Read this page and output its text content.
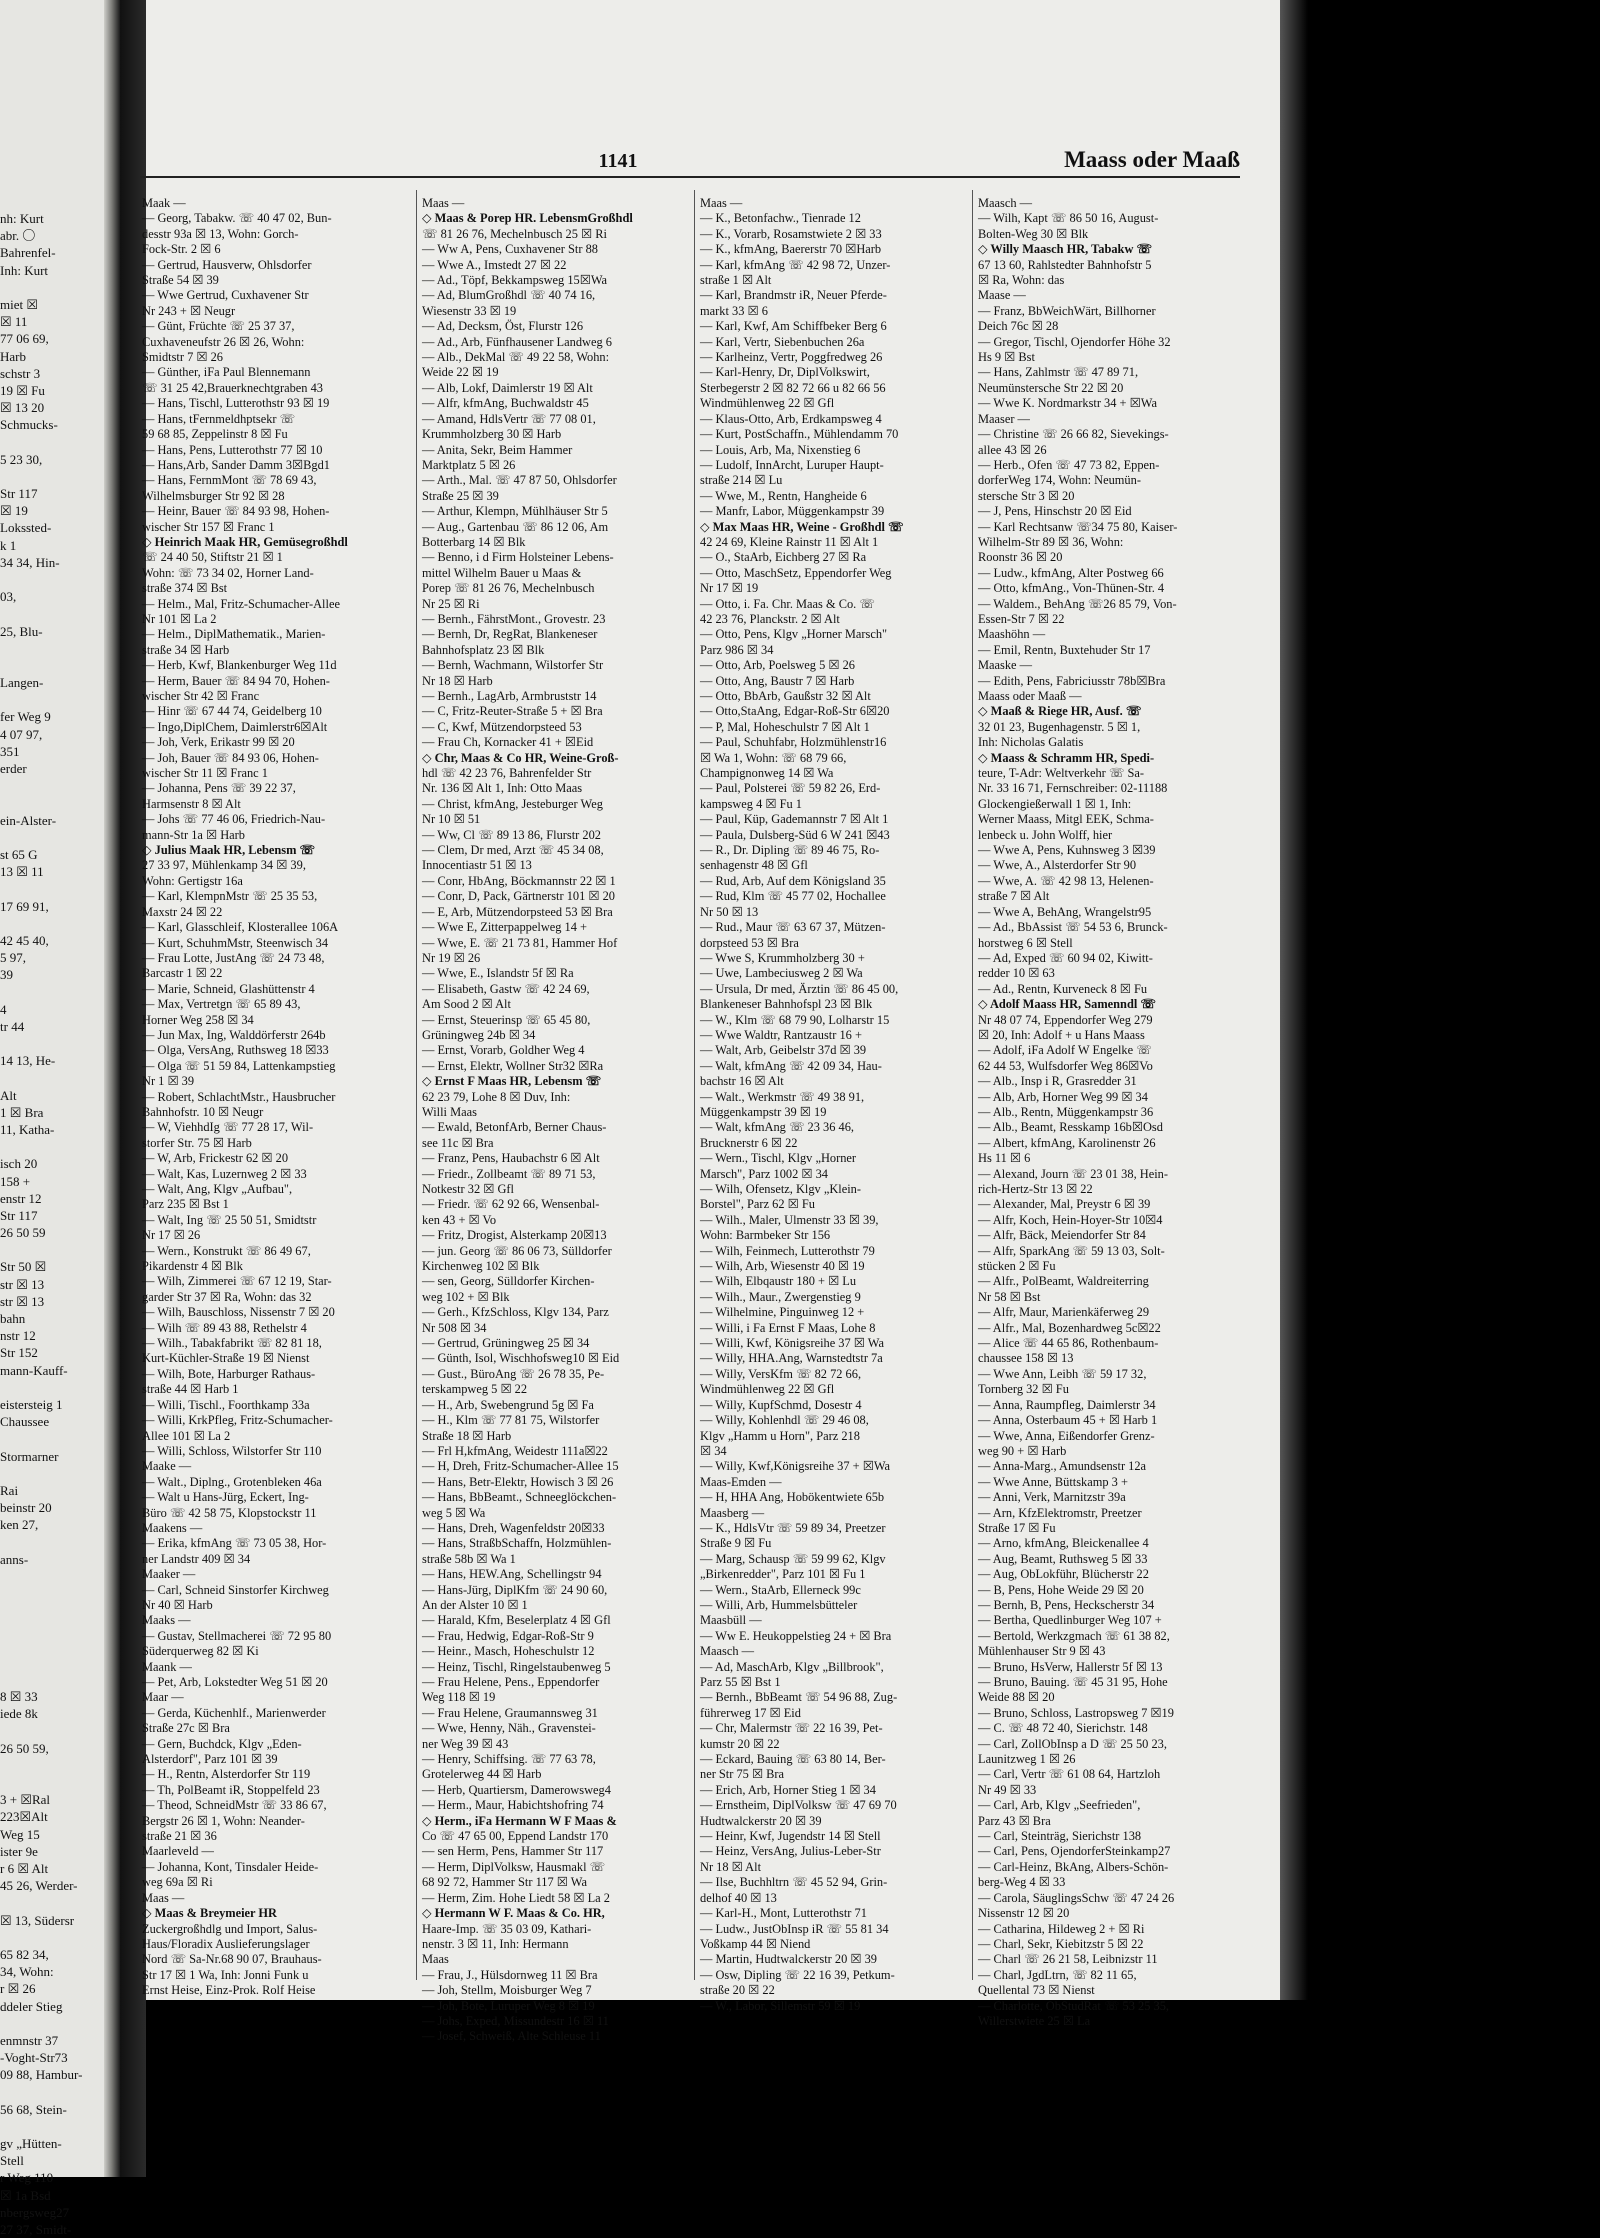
nh: Kurt
abr. 〇
Bahrenfel-
Inh: Kurt
miet ☒
☒ 11
77 06 69,
Harb
schstr 3
19 ☒ Fu
☒ 13 20
Schmucks-
5 23 30,
Str 117
☒ 19
Lokssted-
k 1
34 34, Hin-
03,
25, Blu-
Langen-
fer Weg 9
4 07 97,
351
erder
ein-Alster-
st 65 G
13 ☒ 11
17 69 91,
42 45 40,
5 97,
39
4
tr 44
14 13, He-
Alt
1 ☒ Bra
11, Katha-
isch 20
158 +
enstr 12
Str 117
26 50 59
Str 50 ☒
str ☒ 13
str ☒ 13
bahn
nstr 12
Str 152
mann-Kauff-
eistersteig 1
Chaussee
Stormarner
Rai
beinstr 20
ken 27,
anns-
8 ☒ 33
iede 8k
26 50 59,
3 + ☒Ral
223☒Alt
Weg 15
ister 9e
r 6 ☒ Alt
45 26, Werder-
☒ 13, Südersr
65 82 34,
34, Wohn:
r ☒ 26
ddeler Stieg
enmnstr 37
-Voght-Str73
09 88, Hambur-
56 68, Stein-
gv „Hütten-
Stell
r Weg 110
☒ 1a Bsd
nbergsweg27
27 37, Smidt-
1141	Maass oder Maaß
Maak —
— Georg, Tabakw. ☏ 40 47 02, Bun-
desstr 93a ☒ 13, Wohn: Gorch-
Fock-Str. 2 ☒ 6
— Gertrud, Hausverw, Ohlsdorfer
Straße 54 ☒ 39
— Wwe Gertrud, Cuxhavener Str
Nr 243 + ☒ Neugr
— Günt, Früchte ☏ 25 37 37,
Cuxhaveneufstr 26 ☒ 26, Wohn:
Smidtstr 7 ☒ 26
— Günther, iFa Paul Blennemann
☏ 31 25 42,Brauerknechtgraben 43
— Hans, Tischl, Lutterothstr 93 ☒ 19
— Hans, tFernmeldhptsekr ☏
59 68 85, Zeppelinstr 8 ☒ Fu
— Hans, Pens, Lutterothstr 77 ☒ 10
— Hans,Arb, Sander Damm 3☒Bgd1
— Hans, FernmMont ☏ 78 69 43,
Wilhelmsburger Str 92 ☒ 28
— Heinr, Bauer ☏ 84 93 98, Hohen-
wischer Str 157 ☒ Franc 1
◇ Heinrich Maak HR, Gemüsegroßhdl
☏ 24 40 50, Stiftstr 21 ☒ 1
Wohn: ☏ 73 34 02, Horner Land-
straße 374 ☒ Bst
— Helm., Mal, Fritz-Schumacher-Allee
Nr 101 ☒ La 2
— Helm., DiplMathematik., Marien-
straße 34 ☒ Harb
— Herb, Kwf, Blankenburger Weg 11d
— Herm, Bauer ☏ 84 94 70, Hohen-
wischer Str 42 ☒ Franc
— Hinr ☏ 67 44 74, Geidelberg 10
— Ingo,DiplChem, Daimlerstr6☒Alt
— Joh, Verk, Erikastr 99 ☒ 20
— Joh, Bauer ☏ 84 93 06, Hohen-
wischer Str 11 ☒ Franc 1
— Johanna, Pens ☏ 39 22 37,
Harmsenstr 8 ☒ Alt
— Johs ☏ 77 46 06, Friedrich-Nau-
mann-Str 1a ☒ Harb
◇ Julius Maak HR, Lebensm ☏
27 33 97, Mühlenkamp 34 ☒ 39,
Wohn: Gertigstr 16a
— Karl, KlempnMstr ☏ 25 35 53,
Maxstr 24 ☒ 22
— Karl, Glasschleif, Klosterallee 106A
— Kurt, SchuhmMstr, Steenwisch 34
— Frau Lotte, JustAng ☏ 24 73 48,
Barcastr 1 ☒ 22
— Marie, Schneid, Glashüttenstr 4
— Max, Vertretgn ☏ 65 89 43,
Horner Weg 258 ☒ 34
— Jun Max, Ing, Walddörferstr 264b
— Olga, VersAng, Ruthsweg 18 ☒33
— Olga ☏ 51 59 84, Lattenkampstieg
Nr 1 ☒ 39
— Robert, SchlachtMstr., Hausbrucher
Bahnhofstr. 10 ☒ Neugr
— W, ViehhdIg ☏ 77 28 17, Wil-
storfer Str. 75 ☒ Harb
— W, Arb, Frickestr 62 ☒ 20
— Walt, Kas, Luzernweg 2 ☒ 33
— Walt, Ang, Klgv „Aufbau",
Parz 235 ☒ Bst 1
— Walt, Ing ☏ 25 50 51, Smidtstr
Nr 17 ☒ 26
— Wern., Konstrukt ☏ 86 49 67,
Pikardenstr 4 ☒ Blk
— Wilh, Zimmerei ☏ 67 12 19, Star-
garder Str 37 ☒ Ra, Wohn: das 32
— Wilh, Bauschloss, Nissenstr 7 ☒ 20
— Wilh ☏ 89 43 88, Rethelstr 4
— Wilh., Tabakfabrikt ☏ 82 81 18,
Kurt-Küchler-Straße 19 ☒ Nienst
— Wilh, Bote, Harburger Rathaus-
straße 44 ☒ Harb 1
— Willi, Tischl., Foorthkamp 33a
— Willi, KrkPfleg, Fritz-Schumacher-
Allee 101 ☒ La 2
— Willi, Schloss, Wilstorfer Str 110
Maake —
— Walt., Diplng., Grotenbleken 46a
— Walt u Hans-Jürg, Eckert, Ing-
Büro ☏ 42 58 75, Klopstockstr 11
Maakens —
— Erika, kfmAng ☏ 73 05 38, Hor-
ner Landstr 409 ☒ 34
Maaker —
— Carl, Schneid Sinstorfer Kirchweg
Nr 40 ☒ Harb
Maaks —
— Gustav, Stellmacherei ☏ 72 95 80
Süderquerweg 82 ☒ Ki
Maank —
— Pet, Arb, Lokstedter Weg 51 ☒ 20
Maar —
— Gerda, Küchenhlf., Marienwerder
Straße 27c ☒ Bra
— Gern, Buchdck, Klgv „Eden-
Alsterdorf", Parz 101 ☒ 39
— H., Rentn, Alsterdorfer Str 119
— Th, PolBeamt iR, Stoppelfeld 23
— Theod, SchneidMstr ☏ 33 86 67,
Bergstr 26 ☒ 1, Wohn: Neander-
straße 21 ☒ 36
Maarleveld —
— Johanna, Kont, Tinsdaler Heide-
weg 69a ☒ Ri
Maas —
◇ Maas & Breymeier HR
Zuckergroßhdlg und Import, Salus-
Haus/Floradix Auslieferungslager
Nord ☏ Sa-Nr.68 90 07, Brauhaus-
Str 17 ☒ 1 Wa, Inh: Jonni Funk u
Ernst Heise, Einz-Prok. Rolf Heise
Maas —
◇ Maas & Porep HR. LebensmGroßhdl
☏ 81 26 76, Mechelnbusch 25 ☒ Ri
— Ww A, Pens, Cuxhavener Str 88
— Wwe A., Imstedt 27 ☒ 22
— Ad., Töpf, Bekkampsweg 15☒Wa
— Ad, BlumGroßhdl ☏ 40 74 16,
Wiesenstr 33 ☒ 19
— Ad, Decksm, Öst, Flurstr 126
— Ad., Arb, Fünfhausener Landweg 6
— Alb., DekMal ☏ 49 22 58, Wohn:
Weide 22 ☒ 19
— Alb, Lokf, Daimlerstr 19 ☒ Alt
— Alfr, kfmAng, Buchwaldstr 45
— Amand, HdlsVertr ☏ 77 08 01,
Krummholzberg 30 ☒ Harb
— Anita, Sekr, Beim Hammer
Marktplatz 5 ☒ 26
— Arth., Mal. ☏ 47 87 50, Ohlsdorfer
Straße 25 ☒ 39
— Arthur, Klempn, Mühlhäuser Str 5
— Aug., Gartenbau ☏ 86 12 06, Am
Botterbarg 14 ☒ Blk
— Benno, i d Firm Holsteiner Lebens-
mittel Wilhelm Bauer u Maas &
Porep ☏ 81 26 76, Mechelnbusch
Nr 25 ☒ Ri
— Bernh., FährstMont., Grovestr. 23
— Bernh, Dr, RegRat, Blankeneser
Bahnhofsplatz 23 ☒ Blk
— Bernh, Wachmann, Wilstorfer Str
Nr 18 ☒ Harb
— Bernh., LagArb, Armbruststr 14
— C, Fritz-Reuter-Straße 5 + ☒ Bra
— C, Kwf, Mützendorpsteed 53
— Frau Ch, Kornacker 41 + ☒Eid
◇ Chr, Maas & Co HR, Weine-Groß-
hdl ☏ 42 23 76, Bahrenfelder Str
Nr. 136 ☒ Alt 1, Inh: Otto Maas
— Christ, kfmAng, Jesteburger Weg
Nr 10 ☒ 51
— Ww, Cl ☏ 89 13 86, Flurstr 202
— Clem, Dr med, Arzt ☏ 45 34 08,
Innocentiastr 51 ☒ 13
— Conr, HbAng, Böckmannstr 22 ☒ 1
— Conr, D, Pack, Gärtnerstr 101 ☒ 20
— E, Arb, Mützendorpsteed 53 ☒ Bra
— Wwe E, Zitterpappelweg 14 +
— Wwe, E. ☏ 21 73 81, Hammer Hof
Nr 19 ☒ 26
— Wwe, E., Islandstr 5f ☒ Ra
— Elisabeth, Gastw ☏ 42 24 69,
Am Sood 2 ☒ Alt
— Ernst, Steuerinsp ☏ 65 45 80,
Grüningweg 24b ☒ 34
— Ernst, Vorarb, Goldher Weg 4
— Ernst, Elektr, Wollner Str32 ☒Ra
◇ Ernst F Maas HR, Lebensm ☏
62 23 79, Lohe 8 ☒ Duv, Inh:
Willi Maas
— Ewald, BetonfArb, Berner Chaus-
see 11c ☒ Bra
— Franz, Pens, Haubachstr 6 ☒ Alt
— Friedr., Zollbeamt ☏ 89 71 53,
Notkestr 32 ☒ Gfl
— Friedr. ☏ 62 92 66, Wensenbal-
ken 43 + ☒ Vo
— Fritz, Drogist, Alsterkamp 20☒13
— jun. Georg ☏ 86 06 73, Sülldorfer
Kirchenweg 102 ☒ Blk
— sen, Georg, Sülldorfer Kirchen-
weg 102 + ☒ Blk
— Gerh., KfzSchloss, Klgv 134, Parz
Nr 508 ☒ 34
— Gertrud, Grüningweg 25 ☒ 34
— Günth, Isol, Wischhofsweg10 ☒ Eid
— Gust., BüroAng ☏ 26 78 35, Pe-
terskampweg 5 ☒ 22
— H., Arb, Swebengrund 5g ☒ Fa
— H., Klm ☏ 77 81 75, Wilstorfer
Straße 18 ☒ Harb
— Frl H,kfmAng, Weidestr 111a☒22
— H, Dreh, Fritz-Schumacher-Allee 15
— Hans, Betr-Elektr, Howisch 3 ☒ 26
— Hans, BbBeamt., Schneeglöckchen-
weg 5 ☒ Wa
— Hans, Dreh, Wagenfeldstr 20☒33
— Hans, StraßbSchaffn, Holzmühlen-
straße 58b ☒ Wa 1
— Hans, HEW.Ang, Schellingstr 94
— Hans-Jürg, DiplKfm ☏ 24 90 60,
An der Alster 10 ☒ 1
— Harald, Kfm, Beselerplatz 4 ☒ Gfl
— Frau, Hedwig, Edgar-Roß-Str 9
— Heinr., Masch, Hoheschulstr 12
— Heinz, Tischl, Ringelstaubenweg 5
— Frau Helene, Pens., Eppendorfer
Weg 118 ☒ 19
— Frau Helene, Graumannsweg 31
— Wwe, Henny, Näh., Gravenstei-
ner Weg 39 ☒ 43
— Henry, Schiffsing. ☏ 77 63 78,
Grotelerweg 44 ☒ Harb
— Herb, Quartiersm, Damerowsweg4
— Herm., Maur, Habichtshofring 74
◇ Herm., iFa Hermann W F Maas &
Co ☏ 47 65 00, Eppend Landstr 170
— sen Herm, Pens, Hammer Str 117
— Herm, DiplVolksw, Hausmakl ☏
68 92 72, Hammer Str 117 ☒ Wa
— Herm, Zim. Hohe Liedt 58 ☒ La 2
◇ Hermann W F. Maas & Co. HR,
Haare-Imp. ☏ 35 03 09, Kathari-
nenstr. 3 ☒ 11, Inh: Hermann
Maas
— Frau, J., Hülsdornweg 11 ☒ Bra
— Joh, Stellm, Moisburger Weg 7
— Joh, Bote, Luruper Weg 8 ☒ 19
— Johs, Exped, Missundestr 16 ☒ 11
— Josef, Schweiß, Alte Schleuse 11
Maas —
— K., Betonfachw., Tienrade 12
— K., Vorarb, Rosamstwiete 2 ☒ 33
— K., kfmAng, Baererstr 70 ☒Harb
— Karl, kfmAng ☏ 42 98 72, Unzer-
straße 1 ☒ Alt
— Karl, Brandmstr iR, Neuer Pferde-
markt 33 ☒ 6
— Karl, Kwf, Am Schiffbeker Berg 6
— Karl, Vertr, Siebenbuchen 26a
— Karlheinz, Vertr, Poggfredweg 26
— Karl-Henry, Dr, DiplVolkswirt,
Sterbegerstr 2 ☒ 82 72 66 u 82 66 56
Windmühlenweg 22 ☒ Gfl
— Klaus-Otto, Arb, Erdkampsweg 4
— Kurt, PostSchaffn., Mühlendamm 70
— Louis, Arb, Ma, Nixenstieg 6
— Ludolf, InnArcht, Luruper Haupt-
straße 214 ☒ Lu
— Wwe, M., Rentn, Hangheide 6
— Manfr, Labor, Müggenkampstr 39
◇ Max Maas HR, Weine - Großhdl ☏
42 24 69, Kleine Rainstr 11 ☒ Alt 1
— O., StaArb, Eichberg 27 ☒ Ra
— Otto, MaschSetz, Eppendorfer Weg
Nr 17 ☒ 19
— Otto, i. Fa. Chr. Maas & Co. ☏
42 23 76, Planckstr. 2 ☒ Alt
— Otto, Pens, Klgv „Horner Marsch"
Parz 986 ☒ 34
— Otto, Arb, Poelsweg 5 ☒ 26
— Otto, Ang, Baustr 7 ☒ Harb
— Otto, BbArb, Gaußstr 32 ☒ Alt
— Otto,StaAng, Edgar-Roß-Str 6☒20
— P, Mal, Hoheschulstr 7 ☒ Alt 1
— Paul, Schuhfabr, Holzmühlenstr16
☒ Wa 1, Wohn: ☏ 68 79 66,
Champignonweg 14 ☒ Wa
— Paul, Polsterei ☏ 59 82 26, Erd-
kampsweg 4 ☒ Fu 1
— Paul, Küp, Gademannstr 7 ☒ Alt 1
— Paula, Dulsberg-Süd 6 W 241 ☒43
— R., Dr. Dipling ☏ 89 46 75, Ro-
senhagenstr 48 ☒ Gfl
— Rud, Arb, Auf dem Königsland 35
— Rud, Klm ☏ 45 77 02, Hochallee
Nr 50 ☒ 13
— Rud., Maur ☏ 63 67 37, Mützen-
dorpsteed 53 ☒ Bra
— Wwe S, Krummholzberg 30 +
— Uwe, Lambeciusweg 2 ☒ Wa
— Ursula, Dr med, Ärztin ☏ 86 45 00,
Blankeneser Bahnhofspl 23 ☒ Blk
— W., Klm ☏ 68 79 90, Lolharstr 15
— Wwe Waldtr, Rantzaustr 16 +
— Walt, Arb, Geibelstr 37d ☒ 39
— Walt, kfmAng ☏ 42 09 34, Hau-
bachstr 16 ☒ Alt
— Walt., Werkmstr ☏ 49 38 91,
Müggenkampstr 39 ☒ 19
— Walt, kfmAng ☏ 23 36 46,
Brucknerstr 6 ☒ 22
— Wern., Tischl, Klgv „Horner
Marsch", Parz 1002 ☒ 34
— Wilh, Ofensetz, Klgv „Klein-
Borstel", Parz 62 ☒ Fu
— Wilh., Maler, Ulmenstr 33 ☒ 39,
Wohn: Barmbeker Str 156
— Wilh, Feinmech, Lutterothstr 79
— Wilh, Arb, Wiesenstr 40 ☒ 19
— Wilh, Elbqaustr 180 + ☒ Lu
— Wilh., Maur., Zwergenstieg 9
— Wilhelmine, Pinguinweg 12 +
— Willi, i Fa Ernst F Maas, Lohe 8
— Willi, Kwf, Königsreihe 37 ☒ Wa
— Willy, HHA.Ang, Warnstedtstr 7a
— Willy, VersKfm ☏ 82 72 66,
Windmühlenweg 22 ☒ Gfl
— Willy, KupfSchmd, Dosestr 4
— Willy, Kohlenhdl ☏ 29 46 08,
Klgv „Hamm u Horn", Parz 218
☒ 34
— Willy, Kwf,Königsreihe 37 + ☒Wa
Maas-Emden —
— H, HHA Ang, Hobökentwiete 65b
Maasberg —
— K., HdlsVtr ☏ 59 89 34, Preetzer
Straße 9 ☒ Fu
— Marg, Schausp ☏ 59 99 62, Klgv
„Birkenredder", Parz 101 ☒ Fu 1
— Wern., StaArb, Ellerneck 99c
— Willi, Arb, Hummelsbütteler
Maasbüll —
— Ww E. Heukoppelstieg 24 + ☒ Bra
Maasch —
— Ad, MaschArb, Klgv „Billbrook",
Parz 55 ☒ Bst 1
— Bernh., BbBeamt ☏ 54 96 88, Zug-
führerweg 17 ☒ Eid
— Chr, Malermstr ☏ 22 16 39, Pet-
kumstr 20 ☒ 22
— Eckard, Bauing ☏ 63 80 14, Ber-
ner Str 75 ☒ Bra
— Erich, Arb, Horner Stieg 1 ☒ 34
— Ernstheim, DiplVolksw ☏ 47 69 70
Hudtwalckerstr 20 ☒ 39
— Heinr, Kwf, Jugendstr 14 ☒ Stell
— Heinz, VersAng, Julius-Leber-Str
Nr 18 ☒ Alt
— Ilse, Buchhltrn ☏ 45 52 94, Grin-
delhof 40 ☒ 13
— Karl-H., Mont, Lutterothstr 71
— Ludw., JustObInsp iR ☏ 55 81 34
Voßkamp 44 ☒ Niend
— Martin, Hudtwalckerstr 20 ☒ 39
— Osw, Dipling ☏ 22 16 39, Petkum-
straße 20 ☒ 22
— W., Labor, Sillemstr 59 ☒ 19
Maasch —
— Wilh, Kapt ☏ 86 50 16, August-
Bolten-Weg 30 ☒ Blk
◇ Willy Maasch HR, Tabakw ☏
67 13 60, Rahlstedter Bahnhofstr 5
☒ Ra, Wohn: das
Maase —
— Franz, BbWeichWärt, Billhorner
Deich 76c ☒ 28
— Gregor, Tischl, Ojendorfer Höhe 32
Hs 9 ☒ Bst
— Hans, Zahlmstr ☏ 47 89 71,
Neumünstersche Str 22 ☒ 20
— Wwe K. Nordmarkstr 34 + ☒Wa
Maaser —
— Christine ☏ 26 66 82, Sievekings-
allee 43 ☒ 26
— Herb., Ofen ☏ 47 73 82, Eppen-
dorferWeg 174, Wohn: Neumün-
stersche Str 3 ☒ 20
— J, Pens, Hinschstr 20 ☒ Eid
— Karl Rechtsanw ☏34 75 80, Kaiser-
Wilhelm-Str 89 ☒ 36, Wohn:
Roonstr 36 ☒ 20
— Ludw., kfmAng, Alter Postweg 66
— Otto, kfmAng., Von-Thünen-Str. 4
— Waldem., BehAng ☏26 85 79, Von-
Essen-Str 7 ☒ 22
Maashöhn —
— Emil, Rentn, Buxtehuder Str 17
Maaske —
— Edith, Pens, Fabriciusstr 78b☒Bra
Maass oder Maaß —
◇ Maaß & Riege HR, Ausf. ☏
32 01 23, Bugenhagenstr. 5 ☒ 1,
Inh: Nicholas Galatis
◇ Maass & Schramm HR, Spedi-
teure, T-Adr: Weltverkehr ☏ Sa-
Nr. 33 16 71, Fernschreiber: 02-11188
Glockengießerwall 1 ☒ 1, Inh:
Werner Maass, Mitgl EEK, Schma-
lenbeck u. John Wolff, hier
— Wwe A, Pens, Kuhnsweg 3 ☒39
— Wwe, A., Alsterdorfer Str 90
— Wwe, A. ☏ 42 98 13, Helenen-
straße 7 ☒ Alt
— Wwe A, BehAng, Wrangelstr95
— Ad., BbAssist ☏ 54 53 6, Brunck-
horstweg 6 ☒ Stell
— Ad, Exped ☏ 60 94 02, Kiwitt-
redder 10 ☒ 63
— Ad., Rentn, Kurveneck 8 ☒ Fu
◇ Adolf Maass HR, Samenndl ☏
Nr 48 07 74, Eppendorfer Weg 279
☒ 20, Inh: Adolf + u Hans Maass
— Adolf, iFa Adolf W Engelke ☏
62 44 53, Wulfsdorfer Weg 86☒Vo
— Alb., Insp i R, Grasredder 31
— Alb, Arb, Horner Weg 99 ☒ 34
— Alb., Rentn, Müggenkampstr 36
— Alb., Beamt, Resskamp 16b☒Osd
— Albert, kfmAng, Karolinenstr 26
Hs 11 ☒ 6
— Alexand, Journ ☏ 23 01 38, Hein-
rich-Hertz-Str 13 ☒ 22
— Alexander, Mal, Preystr 6 ☒ 39
— Alfr, Koch, Hein-Hoyer-Str 10☒4
— Alfr, Bäck, Meiendorfer Str 84
— Alfr, SparkAng ☏ 59 13 03, Solt-
stücken 2 ☒ Fu
— Alfr., PolBeamt, Waldreiterring
Nr 58 ☒ Bst
— Alfr, Maur, Marienkäferweg 29
— Alfr., Mal, Bozenhardweg 5c☒22
— Alice ☏ 44 65 86, Rothenbaum-
chaussee 158 ☒ 13
— Wwe Ann, Leibh ☏ 59 17 32,
Tornberg 32 ☒ Fu
— Anna, Raumpfleg, Daimlerstr 34
— Anna, Osterbaum 45 + ☒ Harb 1
— Wwe, Anna, Eißendorfer Grenz-
weg 90 + ☒ Harb
— Anna-Marg., Amundsenstr 12a
— Wwe Anne, Büttskamp 3 +
— Anni, Verk, Marnitzstr 39a
— Arn, KfzElektromstr, Preetzer
Straße 17 ☒ Fu
— Arno, kfmAng, Bleickenallee 4
— Aug, Beamt, Ruthsweg 5 ☒ 33
— Aug, ObLokführ, Blücherstr 22
— B, Pens, Hohe Weide 29 ☒ 20
— Bernh, B, Pens, Heckscherstr 34
— Bertha, Quedlinburger Weg 107 +
— Bertold, Werkzgmach ☏ 61 38 82,
Mühlenhauser Str 9 ☒ 43
— Bruno, HsVerw, Hallerstr 5f ☒ 13
— Bruno, Bauing. ☏ 45 31 95, Hohe
Weide 88 ☒ 20
— Bruno, Schloss, Lastropsweg 7 ☒19
— C. ☏ 48 72 40, Sierichstr. 148
— Carl, ZollObInsp a D ☏ 25 50 23,
Launitzweg 1 ☒ 26
— Carl, Vertr ☏ 61 08 64, Hartzloh
Nr 49 ☒ 33
— Carl, Arb, Klgv „Seefrieden",
Parz 43 ☒ Bra
— Carl, Steinträg, Sierichstr 138
— Carl, Pens, OjendorferSteinkamp27
— Carl-Heinz, BkAng, Albers-Schön-
berg-Weg 4 ☒ 33
— Carola, SäuglingsSchw ☏ 47 24 26
Nissenstr 12 ☒ 20
— Catharina, Hildeweg 2 + ☒ Ri
— Charl, Sekr, Kiebitzstr 5 ☒ 22
— Charl ☏ 26 21 58, Leibnizstr 11
— Charl, JgdLtrn, ☏ 82 11 65,
Quellental 73 ☒ Nienst
— Charlotte, ObStudRat ☏ 53 25 35,
Willerstwiete 25 ☒ La
